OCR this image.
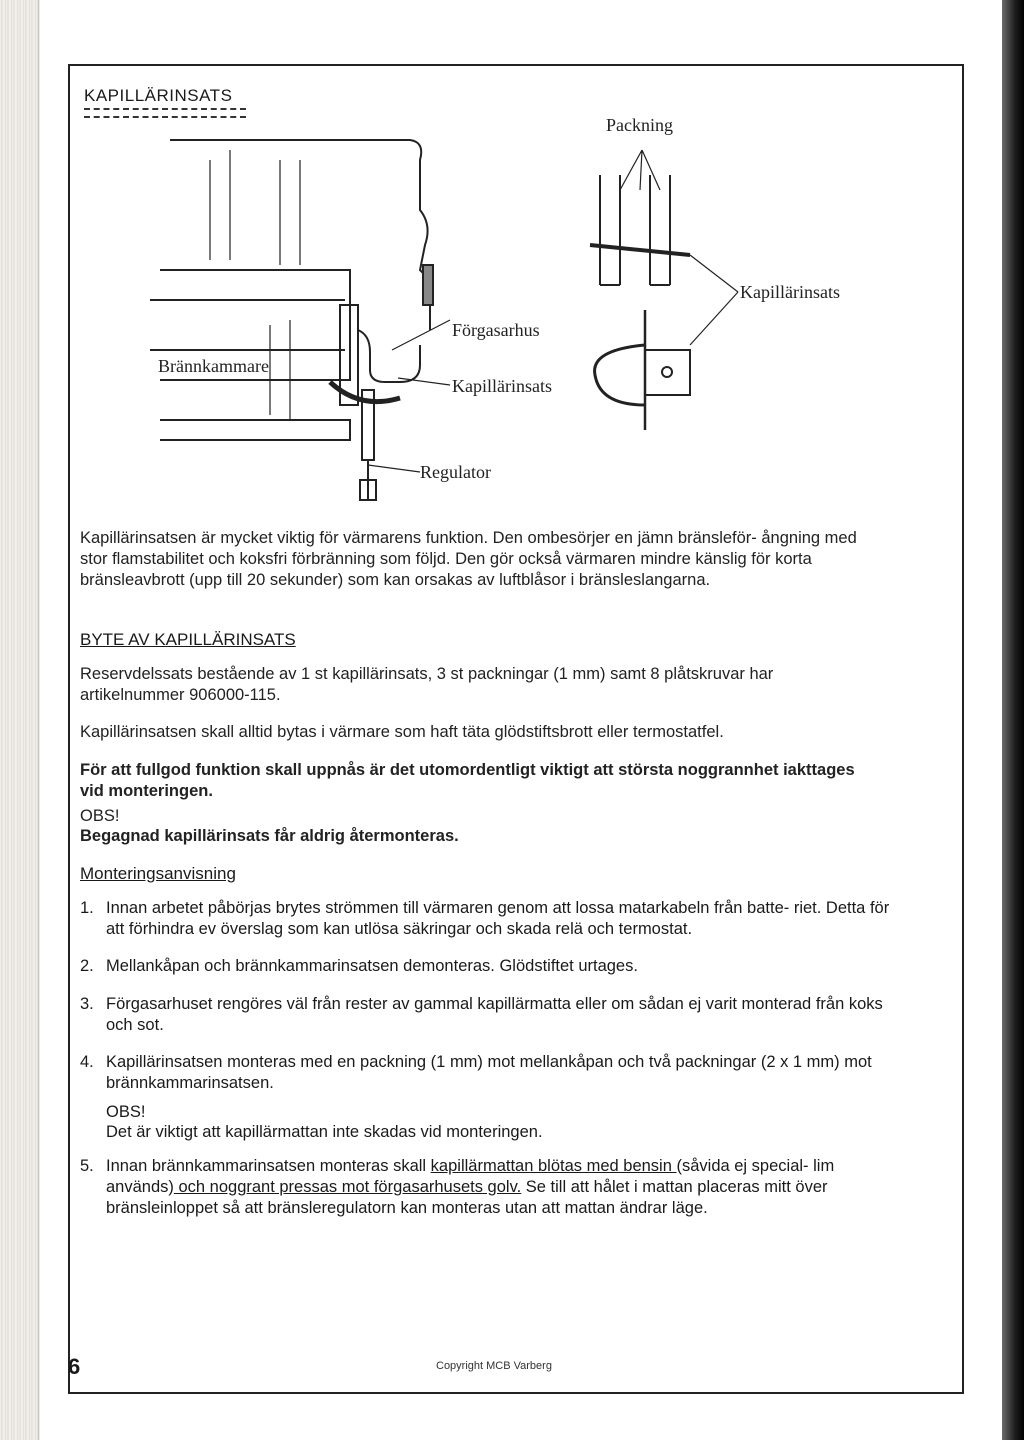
KAPILLÄRINSATS
Packning
Kapillärinsats
Förgasarhus
Brännkammare
Kapillärinsats
Regulator
Kapillärinsatsen är mycket viktig för värmarens funktion. Den ombesörjer en jämn bränsleför- ångning med stor flamstabilitet och koksfri förbränning som följd. Den gör också värmaren mindre känslig för korta bränsleavbrott (upp till 20 sekunder) som kan orsakas av luftblåsor i bränsleslangarna.
BYTE AV KAPILLÄRINSATS
Reservdelssats bestående av 1 st kapillärinsats, 3 st packningar (1 mm) samt 8 plåtskruvar har artikelnummer 906000-115.
Kapillärinsatsen skall alltid bytas i värmare som haft täta glödstiftsbrott eller termostatfel.
För att fullgod funktion skall uppnås är det utomordentligt viktigt att största noggrannhet iakttages vid monteringen.
OBS!
Begagnad kapillärinsats får aldrig återmonteras.
Monteringsanvisning
1. Innan arbetet påbörjas brytes strömmen till värmaren genom att lossa matarkabeln från batte- riet. Detta för att förhindra ev överslag som kan utlösa säkringar och skada relä och termostat.
2. Mellankåpan och brännkammarinsatsen demonteras. Glödstiftet urtages.
3. Förgasarhuset rengöres väl från rester av gammal kapillärmatta eller om sådan ej varit monterad från koks och sot.
4. Kapillärinsatsen monteras med en packning (1 mm) mot mellankåpan och två packningar (2 x 1 mm) mot brännkammarinsatsen.
OBS!
Det är viktigt att kapillärmattan inte skadas vid monteringen.
5. Innan brännkammarinsatsen monteras skall kapillärmattan blötas med bensin (såvida ej special- lim används) och noggrant pressas mot förgasarhusets golv. Se till att hålet i mattan placeras mitt över bränsleinloppet så att bränsleregulatorn kan monteras utan att mattan ändrar läge.
6	Copyright MCB Varberg
